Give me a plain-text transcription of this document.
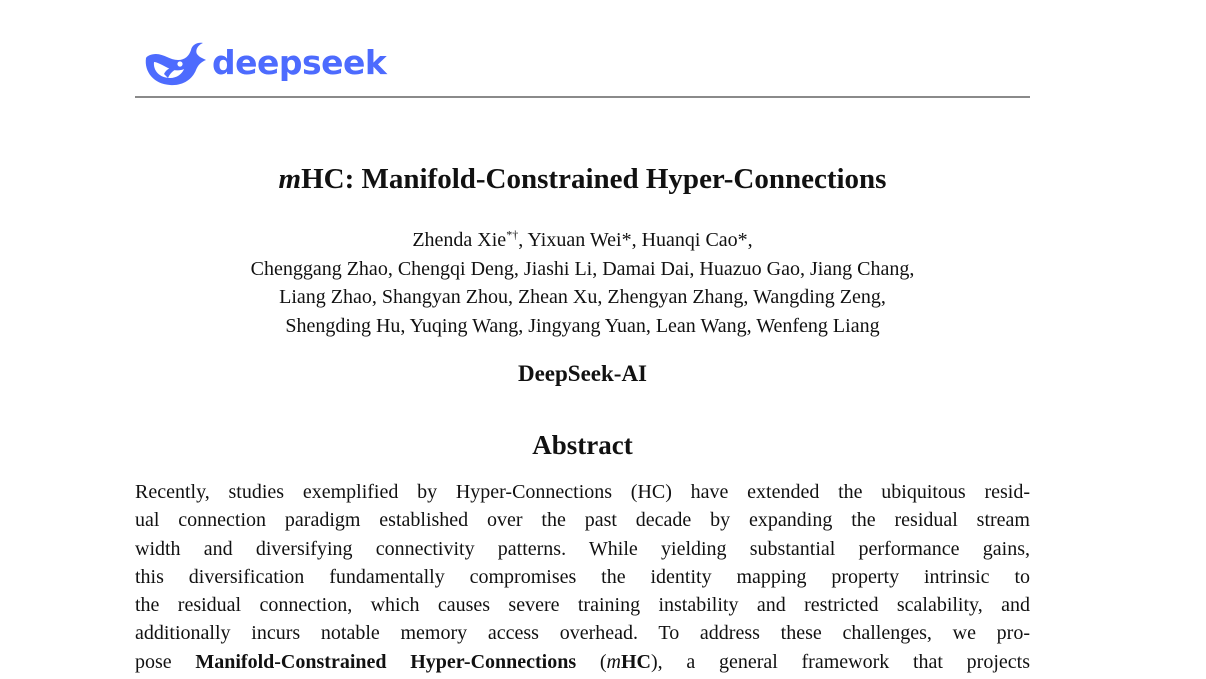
deepseek
mHC: Manifold-Constrained Hyper-Connections
Zhenda Xie*†, Yixuan Wei*, Huanqi Cao*,
Chenggang Zhao, Chengqi Deng, Jiashi Li, Damai Dai, Huazuo Gao, Jiang Chang,
Liang Zhao, Shangyan Zhou, Zhean Xu, Zhengyan Zhang, Wangding Zeng,
Shengding Hu, Yuqing Wang, Jingyang Yuan, Lean Wang, Wenfeng Liang
DeepSeek-AI
Abstract
Recently, studies exemplified by Hyper-Connections (HC) have extended the ubiquitous resid-
ual connection paradigm established over the past decade by expanding the residual stream
width and diversifying connectivity patterns. While yielding substantial performance gains,
this diversification fundamentally compromises the identity mapping property intrinsic to
the residual connection, which causes severe training instability and restricted scalability, and
additionally incurs notable memory access overhead. To address these challenges, we pro-
pose Manifold-Constrained Hyper-Connections (mHC), a general framework that projects
